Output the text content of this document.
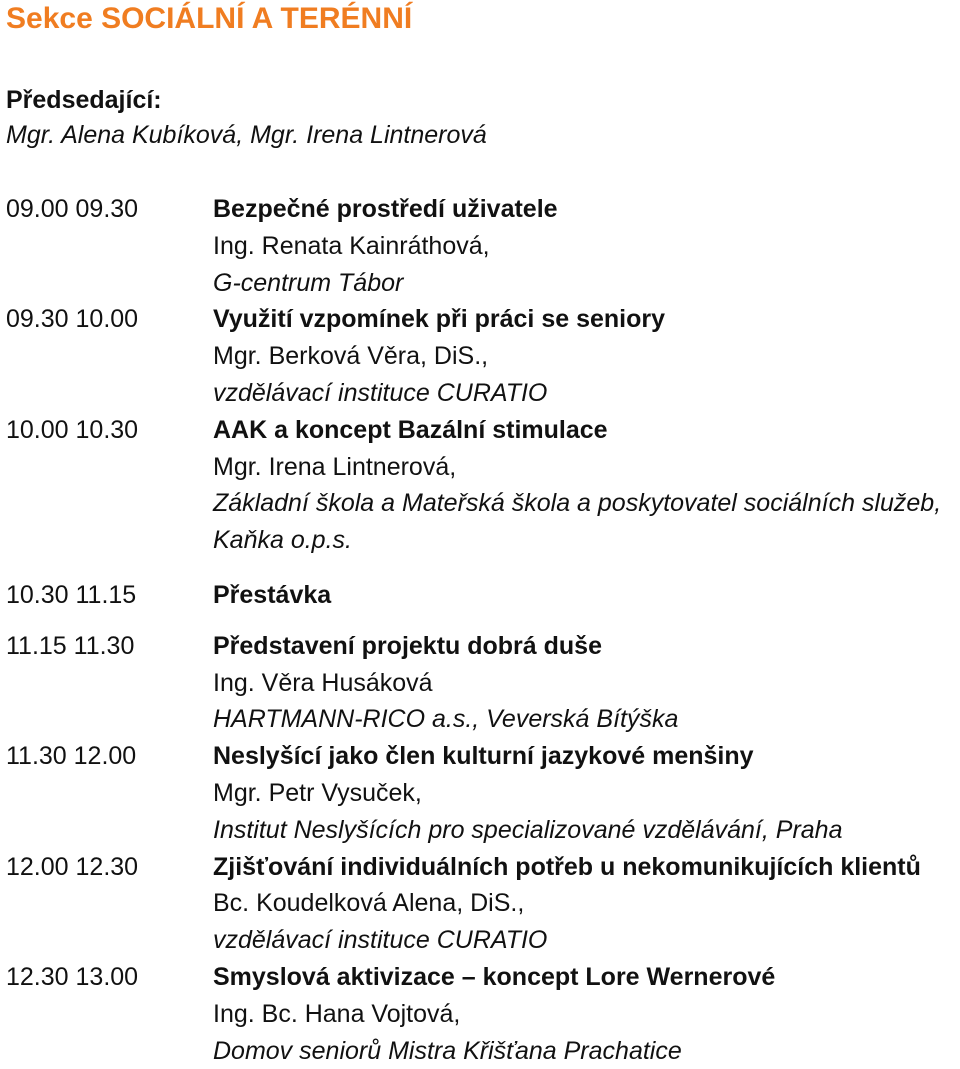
Sekce SOCIÁLNÍ A TERÉNNÍ
Předsedající:
Mgr. Alena Kubíková, Mgr. Irena Lintnerová
09.00 09.30	Bezpečné prostředí uživatele
Ing. Renata Kainráthová,
G-centrum Tábor
09.30 10.00	Využití vzpomínek při práci se seniory
Mgr. Berková Věra, DiS.,
vzdělávací instituce CURATIO
10.00 10.30	AAK a koncept Bazální stimulace
Mgr. Irena Lintnerová,
Základní škola a Mateřská škola a poskytovatel sociálních služeb,
Kaňka o.p.s.
10.30 11.15	Přestávka
11.15 11.30	Představení projektu dobrá duše
Ing. Věra Husáková
HARTMANN-RICO a.s., Veverská Bítýška
11.30 12.00	Neslyšící jako člen kulturní jazykové menšiny
Mgr. Petr Vysuček,
Institut Neslyšících pro specializované vzdělávání, Praha
12.00 12.30	Zjišťování individuálních potřeb u nekomunikujících klientů
Bc. Koudelková Alena, DiS.,
vzdělávací instituce CURATIO
12.30 13.00	Smyslová aktivizace – koncept Lore Wernerové
Ing. Bc. Hana Vojtová,
Domov seniorů Mistra Křišťana Prachatice
